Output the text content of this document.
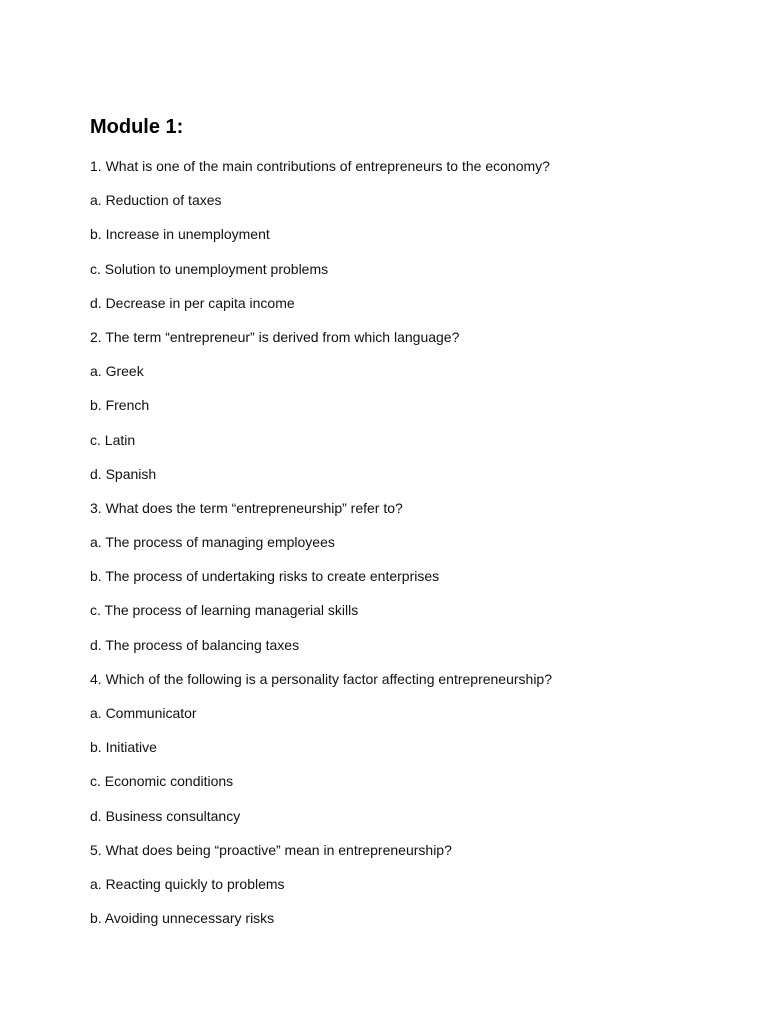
Module 1:

1. What is one of the main contributions of entrepreneurs to the economy?

a. Reduction of taxes

b. Increase in unemployment

c. Solution to unemployment problems

d. Decrease in per capita income

2. The term “entrepreneur” is derived from which language?

a. Greek

b. French

c. Latin

d. Spanish

3. What does the term “entrepreneurship” refer to?

a. The process of managing employees

b. The process of undertaking risks to create enterprises

c. The process of learning managerial skills

d. The process of balancing taxes

4. Which of the following is a personality factor affecting entrepreneurship?

a. Communicator

b. Initiative

c. Economic conditions

d. Business consultancy

5. What does being “proactive” mean in entrepreneurship?

a. Reacting quickly to problems

b. Avoiding unnecessary risks
